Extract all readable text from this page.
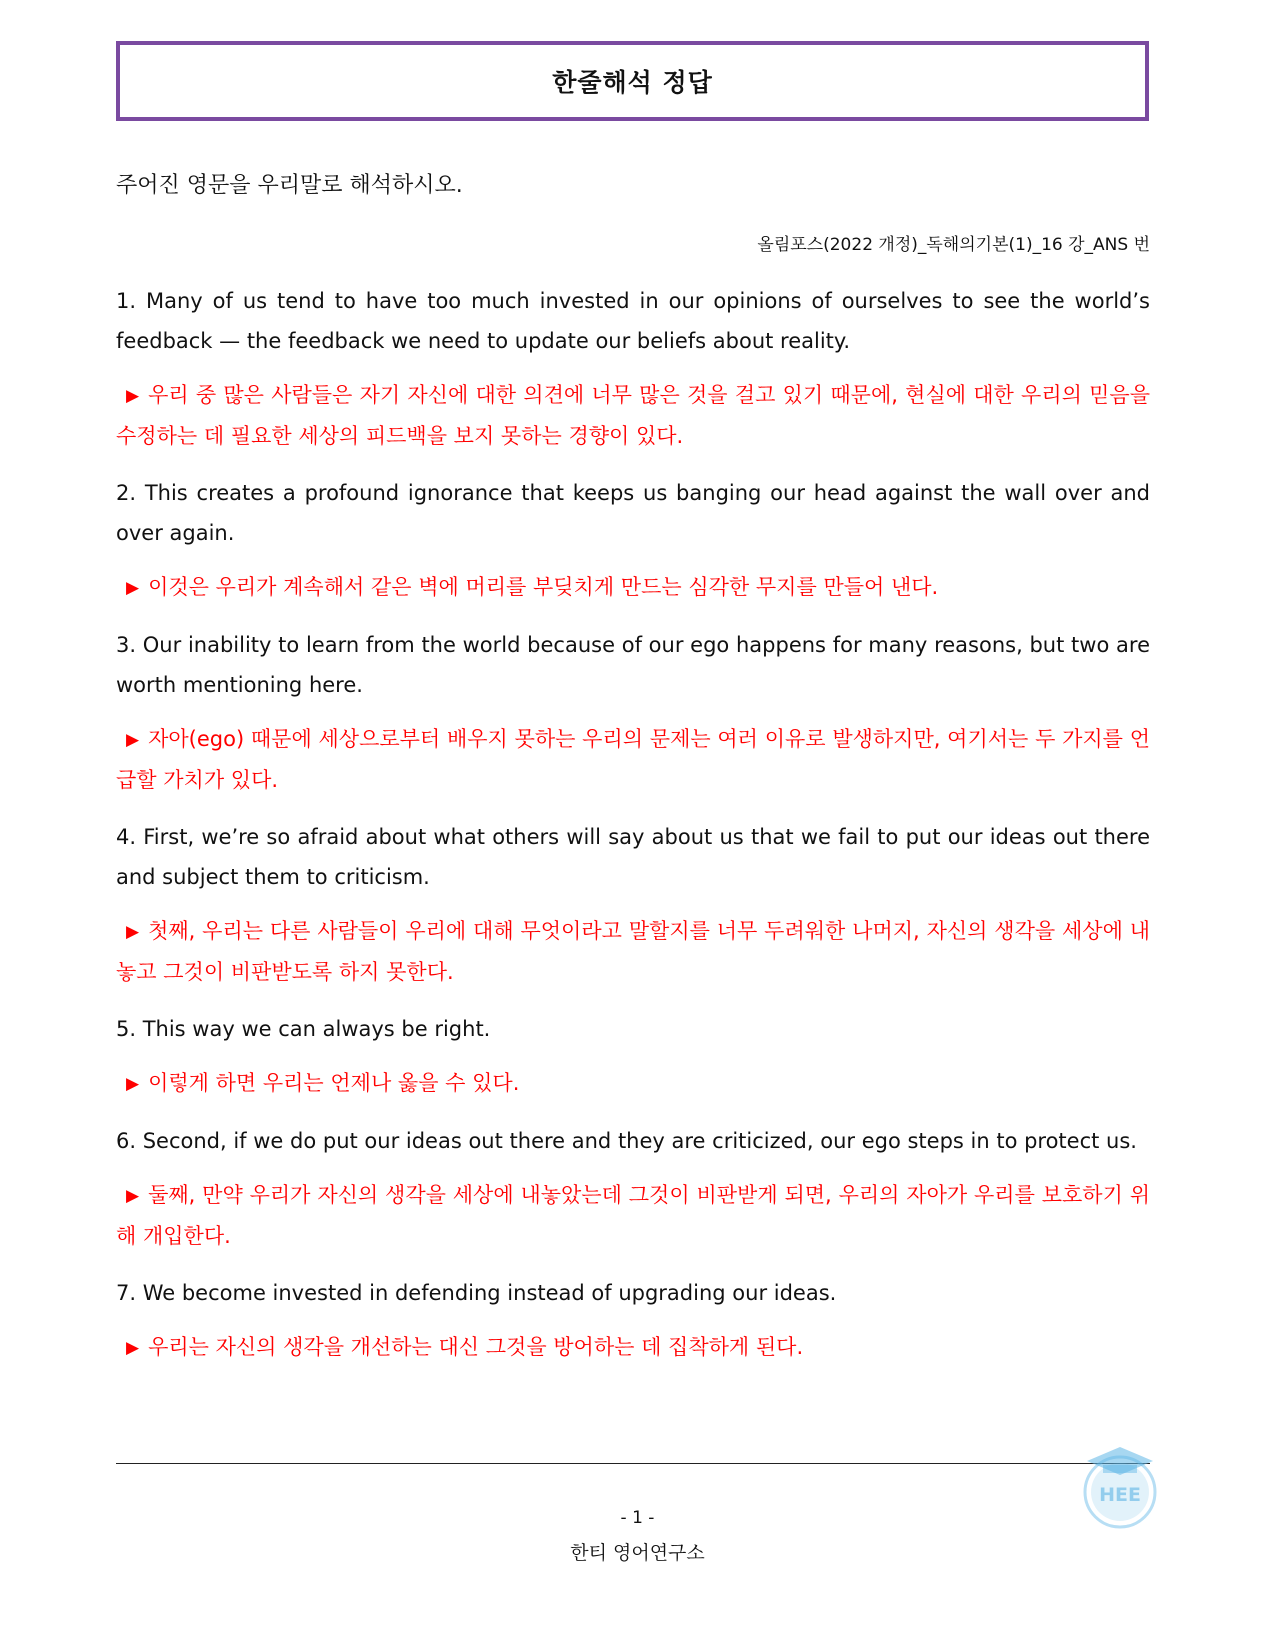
한줄해석 정답
주어진 영문을 우리말로 해석하시오.
올림포스(2022 개정)_독해의기본(1)_16 강_ANS 번

1. Many of us tend to have too much invested in our opinions of ourselves to see the world’s feedback — the feedback we need to update our beliefs about reality.

▶ 우리 중 많은 사람들은 자기 자신에 대한 의견에 너무 많은 것을 걸고 있기 때문에, 현실에 대한 우리의 믿음을 수정하는 데 필요한 세상의 피드백을 보지 못하는 경향이 있다.

2. This creates a profound ignorance that keeps us banging our head against the wall over and over again.

▶ 이것은 우리가 계속해서 같은 벽에 머리를 부딪치게 만드는 심각한 무지를 만들어 낸다.

3. Our inability to learn from the world because of our ego happens for many reasons, but two are worth mentioning here.

▶ 자아(ego) 때문에 세상으로부터 배우지 못하는 우리의 문제는 여러 이유로 발생하지만, 여기서는 두 가지를 언급할 가치가 있다.

4. First, we’re so afraid about what others will say about us that we fail to put our ideas out there and subject them to criticism.

▶ 첫째, 우리는 다른 사람들이 우리에 대해 무엇이라고 말할지를 너무 두려워한 나머지, 자신의 생각을 세상에 내놓고 그것이 비판받도록 하지 못한다.

5. This way we can always be right.

▶ 이렇게 하면 우리는 언제나 옳을 수 있다.

6. Second, if we do put our ideas out there and they are criticized, our ego steps in to protect us.

▶ 둘째, 만약 우리가 자신의 생각을 세상에 내놓았는데 그것이 비판받게 되면, 우리의 자아가 우리를 보호하기 위해 개입한다.

7. We become invested in defending instead of upgrading our ideas.

▶ 우리는 자신의 생각을 개선하는 대신 그것을 방어하는 데 집착하게 된다.

HEE
- 1 -
한티 영어연구소
